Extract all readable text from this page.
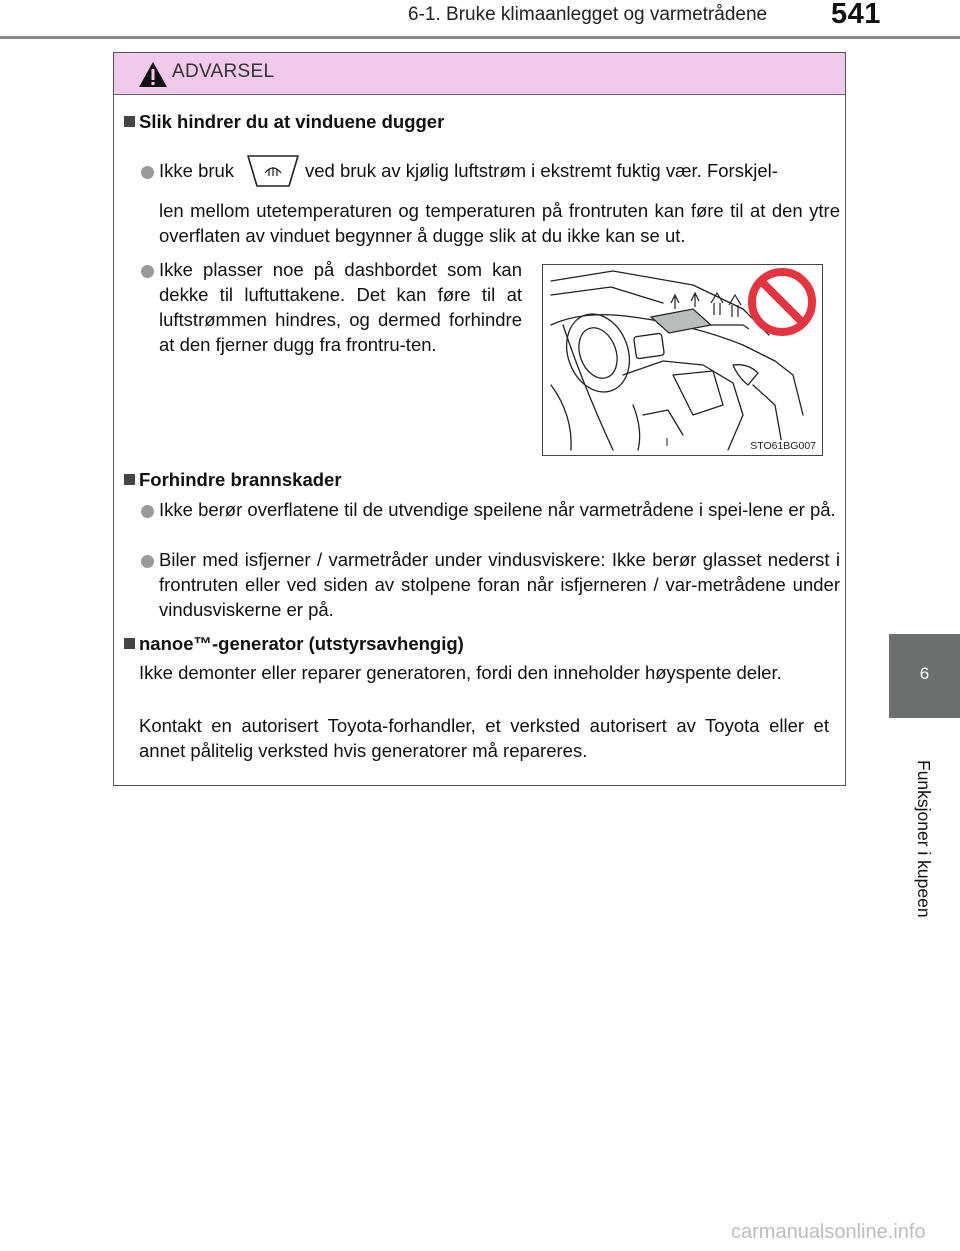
6-1. Bruke klimaanlegget og varmetrådene 541
6
Funksjoner i kupeen
ADVARSEL
Slik hindrer du at vinduene dugger
Ikke bruk	ved bruk av kjølig luftstrøm i ekstremt fuktig vær. Forskjel-
len mellom utetemperaturen og temperaturen på frontruten kan føre til at den ytre overflaten av vinduet begynner å dugge slik at du ikke kan se ut.
Ikke plasser noe på dashbordet som kan dekke til luftuttakene. Det kan føre til at luftstrømmen hindres, og dermed forhindre at den fjerner dugg fra frontru-ten.
STO61BG007
Forhindre brannskader
Ikke berør overflatene til de utvendige speilene når varmetrådene i spei-lene er på.
Biler med isfjerner / varmetråder under vindusviskere: Ikke berør glasset nederst i frontruten eller ved siden av stolpene foran når isfjerneren / var-metrådene under vindusviskerne er på.
nanoe™-generator (utstyrsavhengig)
Ikke demonter eller reparer generatoren, fordi den inneholder høyspente deler.
Kontakt en autorisert Toyota-forhandler, et verksted autorisert av Toyota eller et annet pålitelig verksted hvis generatorer må repareres.
carmanualsonline.info
